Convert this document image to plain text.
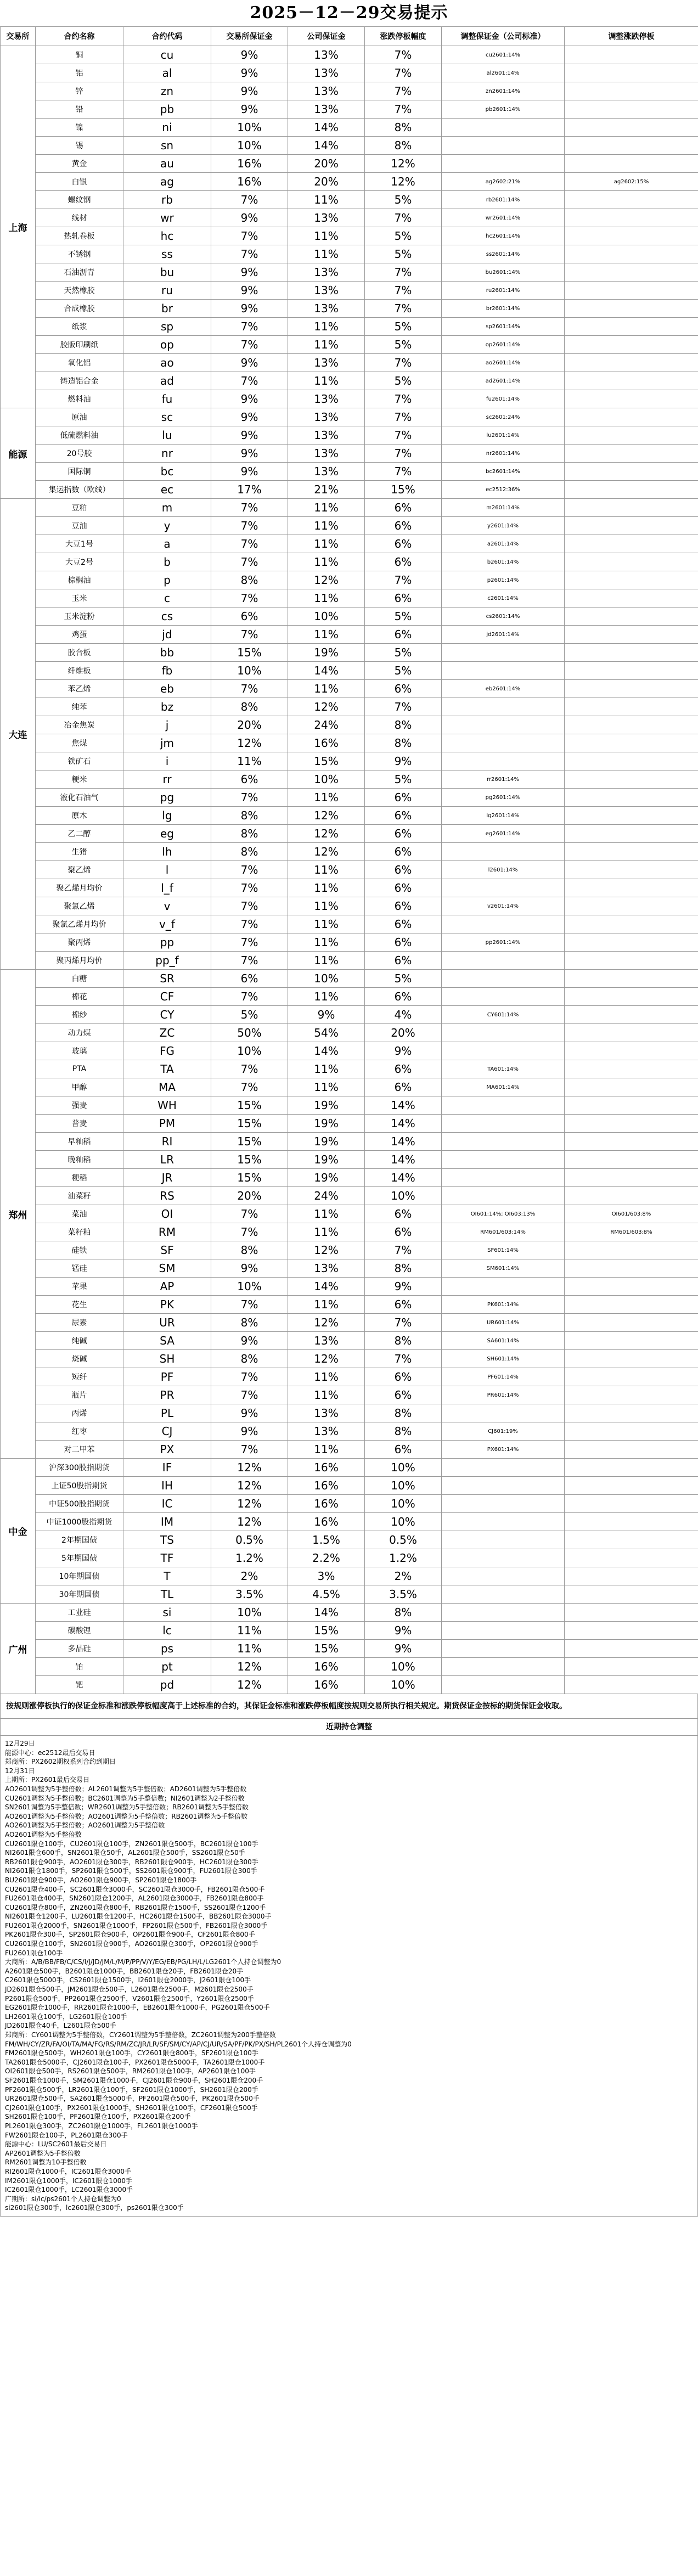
2025－12－29交易提示
交易所	合约名称	合约代码	交易所保证金	公司保证金	涨跌停板幅度	调整保证金（公司标准）	调整涨跌停板
上海	铜	cu	9%	13%	7%	cu2601:14%	
	铝	al	9%	13%	7%	al2601:14%	
	锌	zn	9%	13%	7%	zn2601:14%	
	铅	pb	9%	13%	7%	pb2601:14%	
	镍	ni	10%	14%	8%		
	锡	sn	10%	14%	8%		
	黄金	au	16%	20%	12%		
	白银	ag	16%	20%	12%	ag2602:21%	ag2602:15%
	螺纹钢	rb	7%	11%	5%	rb2601:14%	
	线材	wr	9%	13%	7%	wr2601:14%	
	热轧卷板	hc	7%	11%	5%	hc2601:14%	
	不锈钢	ss	7%	11%	5%	ss2601:14%	
	石油沥青	bu	9%	13%	7%	bu2601:14%	
	天然橡胶	ru	9%	13%	7%	ru2601:14%	
	合成橡胶	br	9%	13%	7%	br2601:14%	
	纸浆	sp	7%	11%	5%	sp2601:14%	
	胶版印刷纸	op	7%	11%	5%	op2601:14%	
	氧化铝	ao	9%	13%	7%	ao2601:14%	
	铸造铝合金	ad	7%	11%	5%	ad2601:14%	
	燃料油	fu	9%	13%	7%	fu2601:14%	
能源	原油	sc	9%	13%	7%	sc2601:24%	
	低硫燃料油	lu	9%	13%	7%	lu2601:14%	
	20号胶	nr	9%	13%	7%	nr2601:14%	
	国际铜	bc	9%	13%	7%	bc2601:14%	
	集运指数（欧线）	ec	17%	21%	15%	ec2512:36%	
大连	豆粕	m	7%	11%	6%	m2601:14%	
	豆油	y	7%	11%	6%	y2601:14%	
	大豆1号	a	7%	11%	6%	a2601:14%	
	大豆2号	b	7%	11%	6%	b2601:14%	
	棕榈油	p	8%	12%	7%	p2601:14%	
	玉米	c	7%	11%	6%	c2601:14%	
	玉米淀粉	cs	6%	10%	5%	cs2601:14%	
	鸡蛋	jd	7%	11%	6%	jd2601:14%	
	胶合板	bb	15%	19%	5%		
	纤维板	fb	10%	14%	5%		
	苯乙烯	eb	7%	11%	6%	eb2601:14%	
	纯苯	bz	8%	12%	7%		
	冶金焦炭	j	20%	24%	8%		
	焦煤	jm	12%	16%	8%		
	铁矿石	i	11%	15%	9%		
	粳米	rr	6%	10%	5%	rr2601:14%	
	液化石油气	pg	7%	11%	6%	pg2601:14%	
	原木	lg	8%	12%	6%	lg2601:14%	
	乙二醇	eg	8%	12%	6%	eg2601:14%	
	生猪	lh	8%	12%	6%		
	聚乙烯	l	7%	11%	6%	l2601:14%	
	聚乙烯月均价	l_f	7%	11%	6%		
	聚氯乙烯	v	7%	11%	6%	v2601:14%	
	聚氯乙烯月均价	v_f	7%	11%	6%		
	聚丙烯	pp	7%	11%	6%	pp2601:14%	
	聚丙烯月均价	pp_f	7%	11%	6%		
郑州	白糖	SR	6%	10%	5%		
	棉花	CF	7%	11%	6%		
	棉纱	CY	5%	9%	4%	CY601:14%	
	动力煤	ZC	50%	54%	20%		
	玻璃	FG	10%	14%	9%		
	PTA	TA	7%	11%	6%	TA601:14%	
	甲醇	MA	7%	11%	6%	MA601:14%	
	强麦	WH	15%	19%	14%		
	普麦	PM	15%	19%	14%		
	早籼稻	RI	15%	19%	14%		
	晚籼稻	LR	15%	19%	14%		
	粳稻	JR	15%	19%	14%		
	油菜籽	RS	20%	24%	10%		
	菜油	OI	7%	11%	6%	OI601:14%; OI603:13%	OI601/603:8%
	菜籽粕	RM	7%	11%	6%	RM601/603:14%	RM601/603:8%
	硅铁	SF	8%	12%	7%	SF601:14%	
	锰硅	SM	9%	13%	8%	SM601:14%	
	苹果	AP	10%	14%	9%		
	花生	PK	7%	11%	6%	PK601:14%	
	尿素	UR	8%	12%	7%	UR601:14%	
	纯碱	SA	9%	13%	8%	SA601:14%	
	烧碱	SH	8%	12%	7%	SH601:14%	
	短纤	PF	7%	11%	6%	PF601:14%	
	瓶片	PR	7%	11%	6%	PR601:14%	
	丙烯	PL	9%	13%	8%		
	红枣	CJ	9%	13%	8%	CJ601:19%	
	对二甲苯	PX	7%	11%	6%	PX601:14%	
中金	沪深300股指期货	IF	12%	16%	10%		
	上证50股指期货	IH	12%	16%	10%		
	中证500股指期货	IC	12%	16%	10%		
	中证1000股指期货	IM	12%	16%	10%		
	2年期国债	TS	0.5%	1.5%	0.5%		
	5年期国债	TF	1.2%	2.2%	1.2%		
	10年期国债	T	2%	3%	2%		
	30年期国债	TL	3.5%	4.5%	3.5%		
广州	工业硅	si	10%	14%	8%		
	碳酸锂	lc	11%	15%	9%		
	多晶硅	ps	11%	15%	9%		
	铂	pt	12%	16%	10%		
	钯	pd	12%	16%	10%		
按规则涨停板执行的保证金标准和涨跌停板幅度高于上述标准的合约，其保证金标准和涨跌停板幅度按规则交易所执行相关规定。期货保证金按标的期货保证金收取。
近期持仓调整
12月29日
能源中心：ec2512最后交易日
郑商所：PX2602期权系列合约到期日
12月31日
上期所：PX2601最后交易日
AO2601调整为5手整倍数；AL2601调整为5手整倍数；AD2601调整为5手整倍数
CU2601调整为5手整倍数；BC2601调整为5手整倍数；NI2601调整为2手整倍数
SN2601调整为5手整倍数；WR2601调整为5手整倍数；RB2601调整为5手整倍数
AO2601调整为5手整倍数；AO2601调整为5手整倍数；RB2601调整为5手整倍数
AO2601调整为5手整倍数；AO2601调整为5手整倍数
AO2601调整为5手整倍数
CU2601限仓100手，CU2601限仓100手，ZN2601限仓500手，BC2601限仓100手
NI2601限仓600手，SN2601限仓50手，AL2601限仓500手，SS2601限仓50手
RB2601限仓900手，AO2601限仓300手，RB2601限仓900手，HC2601限仓300手
NI2601限仓1800手，SP2601限仓500手，SS2601限仓900手，FU2601限仓300手
BU2601限仓900手，AO2601限仓900手，SP2601限仓1800手
CU2601限仓400手，SC2601限仓3000手，SC2601限仓3000手，FB2601限仓500手
FU2601限仓400手，SN2601限仓1200手，AL2601限仓3000手，FB2601限仓800手
CU2601限仓800手，ZN2601限仓800手，RB2601限仓1500手，SS2601限仓1200手
NI2601限仓1200手，LU2601限仓1200手，HC2601限仓1500手，BB2601限仓3000手
FU2601限仓2000手，SN2601限仓1000手，FP2601限仓500手，FB2601限仓3000手
PK2601限仓300手，SP2601限仓900手，OP2601限仓900手，CF2601限仓800手
CU2601限仓100手，SN2601限仓900手，AO2601限仓300手，OP2601限仓900手
FU2601限仓100手
大商所：A/B/BB/FB/C/CS/I/J/JD/JM/L/M/P/PP/V/Y/EG/EB/PG/LH/L/LG2601个人持仓调整为0
A2601限仓500手，B2601限仓1000手，BB2601限仓20手，FB2601限仓20手
C2601限仓5000手，CS2601限仓1500手，I2601限仓2000手，J2601限仓100手
JD2601限仓500手，JM2601限仓500手，L2601限仓2500手，M2601限仓2500手
P2601限仓500手，PP2601限仓2500手，V2601限仓2500手，Y2601限仓2500手
EG2601限仓1000手，RR2601限仓1000手，EB2601限仓1000手，PG2601限仓500手
LH2601限仓100手，LG2601限仓100手
JD2601限仓40手，L2601限仓500手
郑商所：CY601调整为5手整倍数，CY2601调整为5手整倍数，ZC2601调整为200手整倍数
FM/WH/CY/ZR/FA/OI/TA/MA/FG/RS/RM/ZC/JR/LR/SF/SM/CY/AP/CJ/UR/SA/PF/PK/PX/SH/PL2601个人持仓调整为0
FM2601限仓500手，WH2601限仓100手，CY2601限仓800手，SF2601限仓100手
TA2601限仓5000手，CJ2601限仓100手，PX2601限仓5000手，TA2601限仓1000手
OI2601限仓500手，RS2601限仓500手，RM2601限仓100手，AP2601限仓100手
SF2601限仓1000手，SM2601限仓1000手，CJ2601限仓900手，SH2601限仓200手
PF2601限仓500手，LR2601限仓100手，SF2601限仓1000手，SH2601限仓200手
UR2601限仓500手，SA2601限仓5000手，PF2601限仓500手，PK2601限仓500手
CJ2601限仓100手，PX2601限仓1000手，SH2601限仓100手，CF2601限仓500手
SH2601限仓100手，PF2601限仓100手，PX2601限仓200手
PL2601限仓300手，ZC2601限仓1000手，FL2601限仓1000手
FW2601限仓100手，PL2601限仓300手
能源中心：LU/SC2601最后交易日
AP2601调整为5手整倍数
RM2601调整为10手整倍数
RI2601限仓1000手，IC2601限仓3000手
IM2601限仓1000手，IC2601限仓1000手
IC2601限仓1000手，LC2601限仓3000手
广期所：si/lc/ps2601个人持仓调整为0
si2601限仓300手，lc2601限仓300手，ps2601限仓300手
